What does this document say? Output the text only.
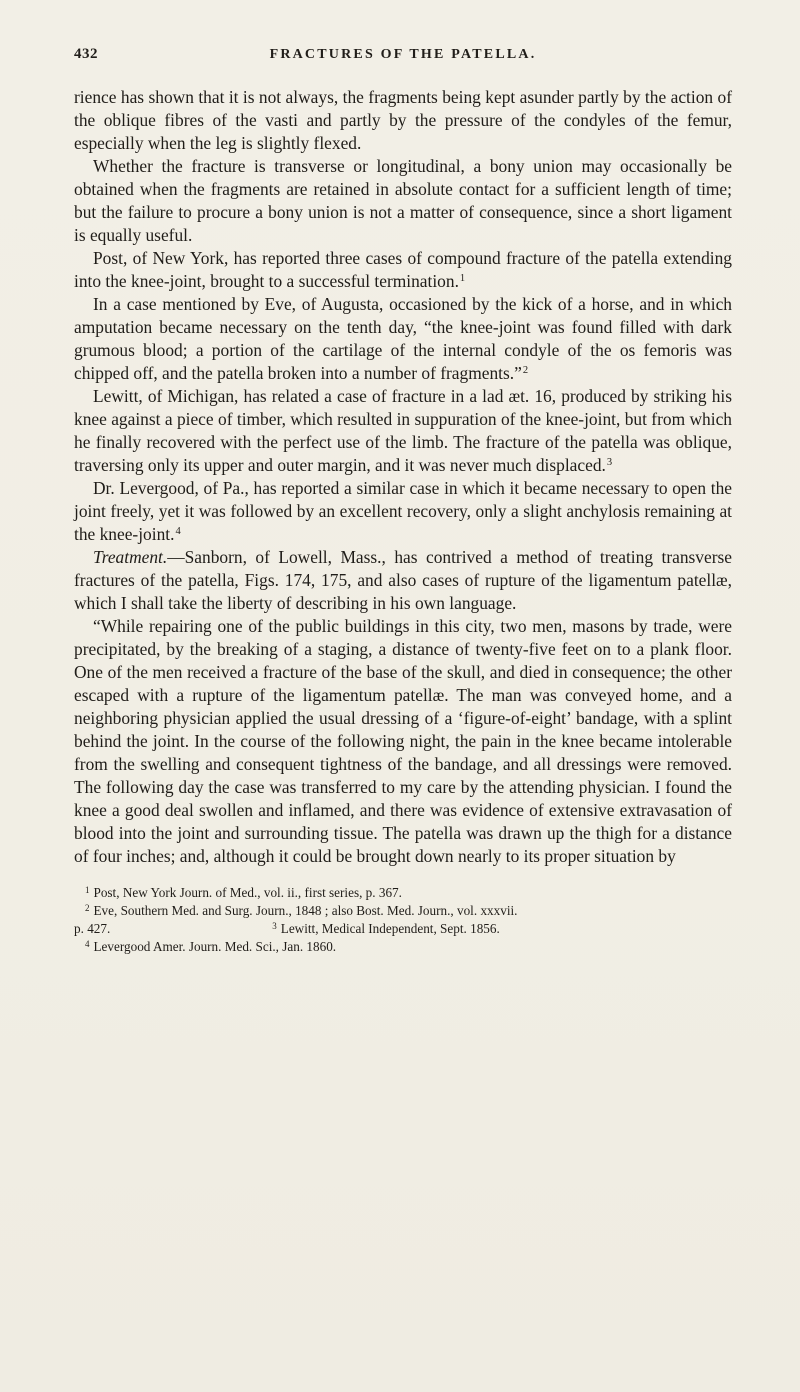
432	FRACTURES OF THE PATELLA.

rience has shown that it is not always, the fragments being kept asunder partly by the action of the oblique fibres of the vasti and partly by the pressure of the condyles of the femur, especially when the leg is slightly flexed.

Whether the fracture is transverse or longitudinal, a bony union may occasionally be obtained when the fragments are retained in absolute contact for a sufficient length of time; but the failure to procure a bony union is not a matter of consequence, since a short ligament is equally useful.

Post, of New York, has reported three cases of compound fracture of the patella extending into the knee-joint, brought to a successful termination.$^1$

In a case mentioned by Eve, of Augusta, occasioned by the kick of a horse, and in which amputation became necessary on the tenth day, “the knee-joint was found filled with dark grumous blood; a portion of the cartilage of the internal condyle of the os femoris was chipped off, and the patella broken into a number of fragments.”$^2$

Lewitt, of Michigan, has related a case of fracture in a lad æt. 16, produced by striking his knee against a piece of timber, which resulted in suppuration of the knee-joint, but from which he finally recovered with the perfect use of the limb. The fracture of the patella was oblique, traversing only its upper and outer margin, and it was never much displaced.$^3$

Dr. Levergood, of Pa., has reported a similar case in which it became necessary to open the joint freely, yet it was followed by an excellent recovery, only a slight anchylosis remaining at the knee-joint.$^4$

Treatment.—Sanborn, of Lowell, Mass., has contrived a method of treating transverse fractures of the patella, Figs. 174, 175, and also cases of rupture of the ligamentum patellæ, which I shall take the liberty of describing in his own language.

“While repairing one of the public buildings in this city, two men, masons by trade, were precipitated, by the breaking of a staging, a distance of twenty-five feet on to a plank floor. One of the men received a fracture of the base of the skull, and died in consequence; the other escaped with a rupture of the ligamentum patellæ. The man was conveyed home, and a neighboring physician applied the usual dressing of a ‘figure-of-eight’ bandage, with a splint behind the joint. In the course of the following night, the pain in the knee became intolerable from the swelling and consequent tightness of the bandage, and all dressings were removed. The following day the case was transferred to my care by the attending physician. I found the knee a good deal swollen and inflamed, and there was evidence of extensive extravasation of blood into the joint and surrounding tissue. The patella was drawn up the thigh for a distance of four inches; and, although it could be brought down nearly to its proper situation by

$^1$ Post, New York Journ. of Med., vol. ii., first series, p. 367.
$^2$ Eve, Southern Med. and Surg. Journ., 1848 ; also Bost. Med. Journ., vol. xxxvii.
p. 427.	$^3$ Lewitt, Medical Independent, Sept. 1856.
$^4$ Levergood Amer. Journ. Med. Sci., Jan. 1860.
